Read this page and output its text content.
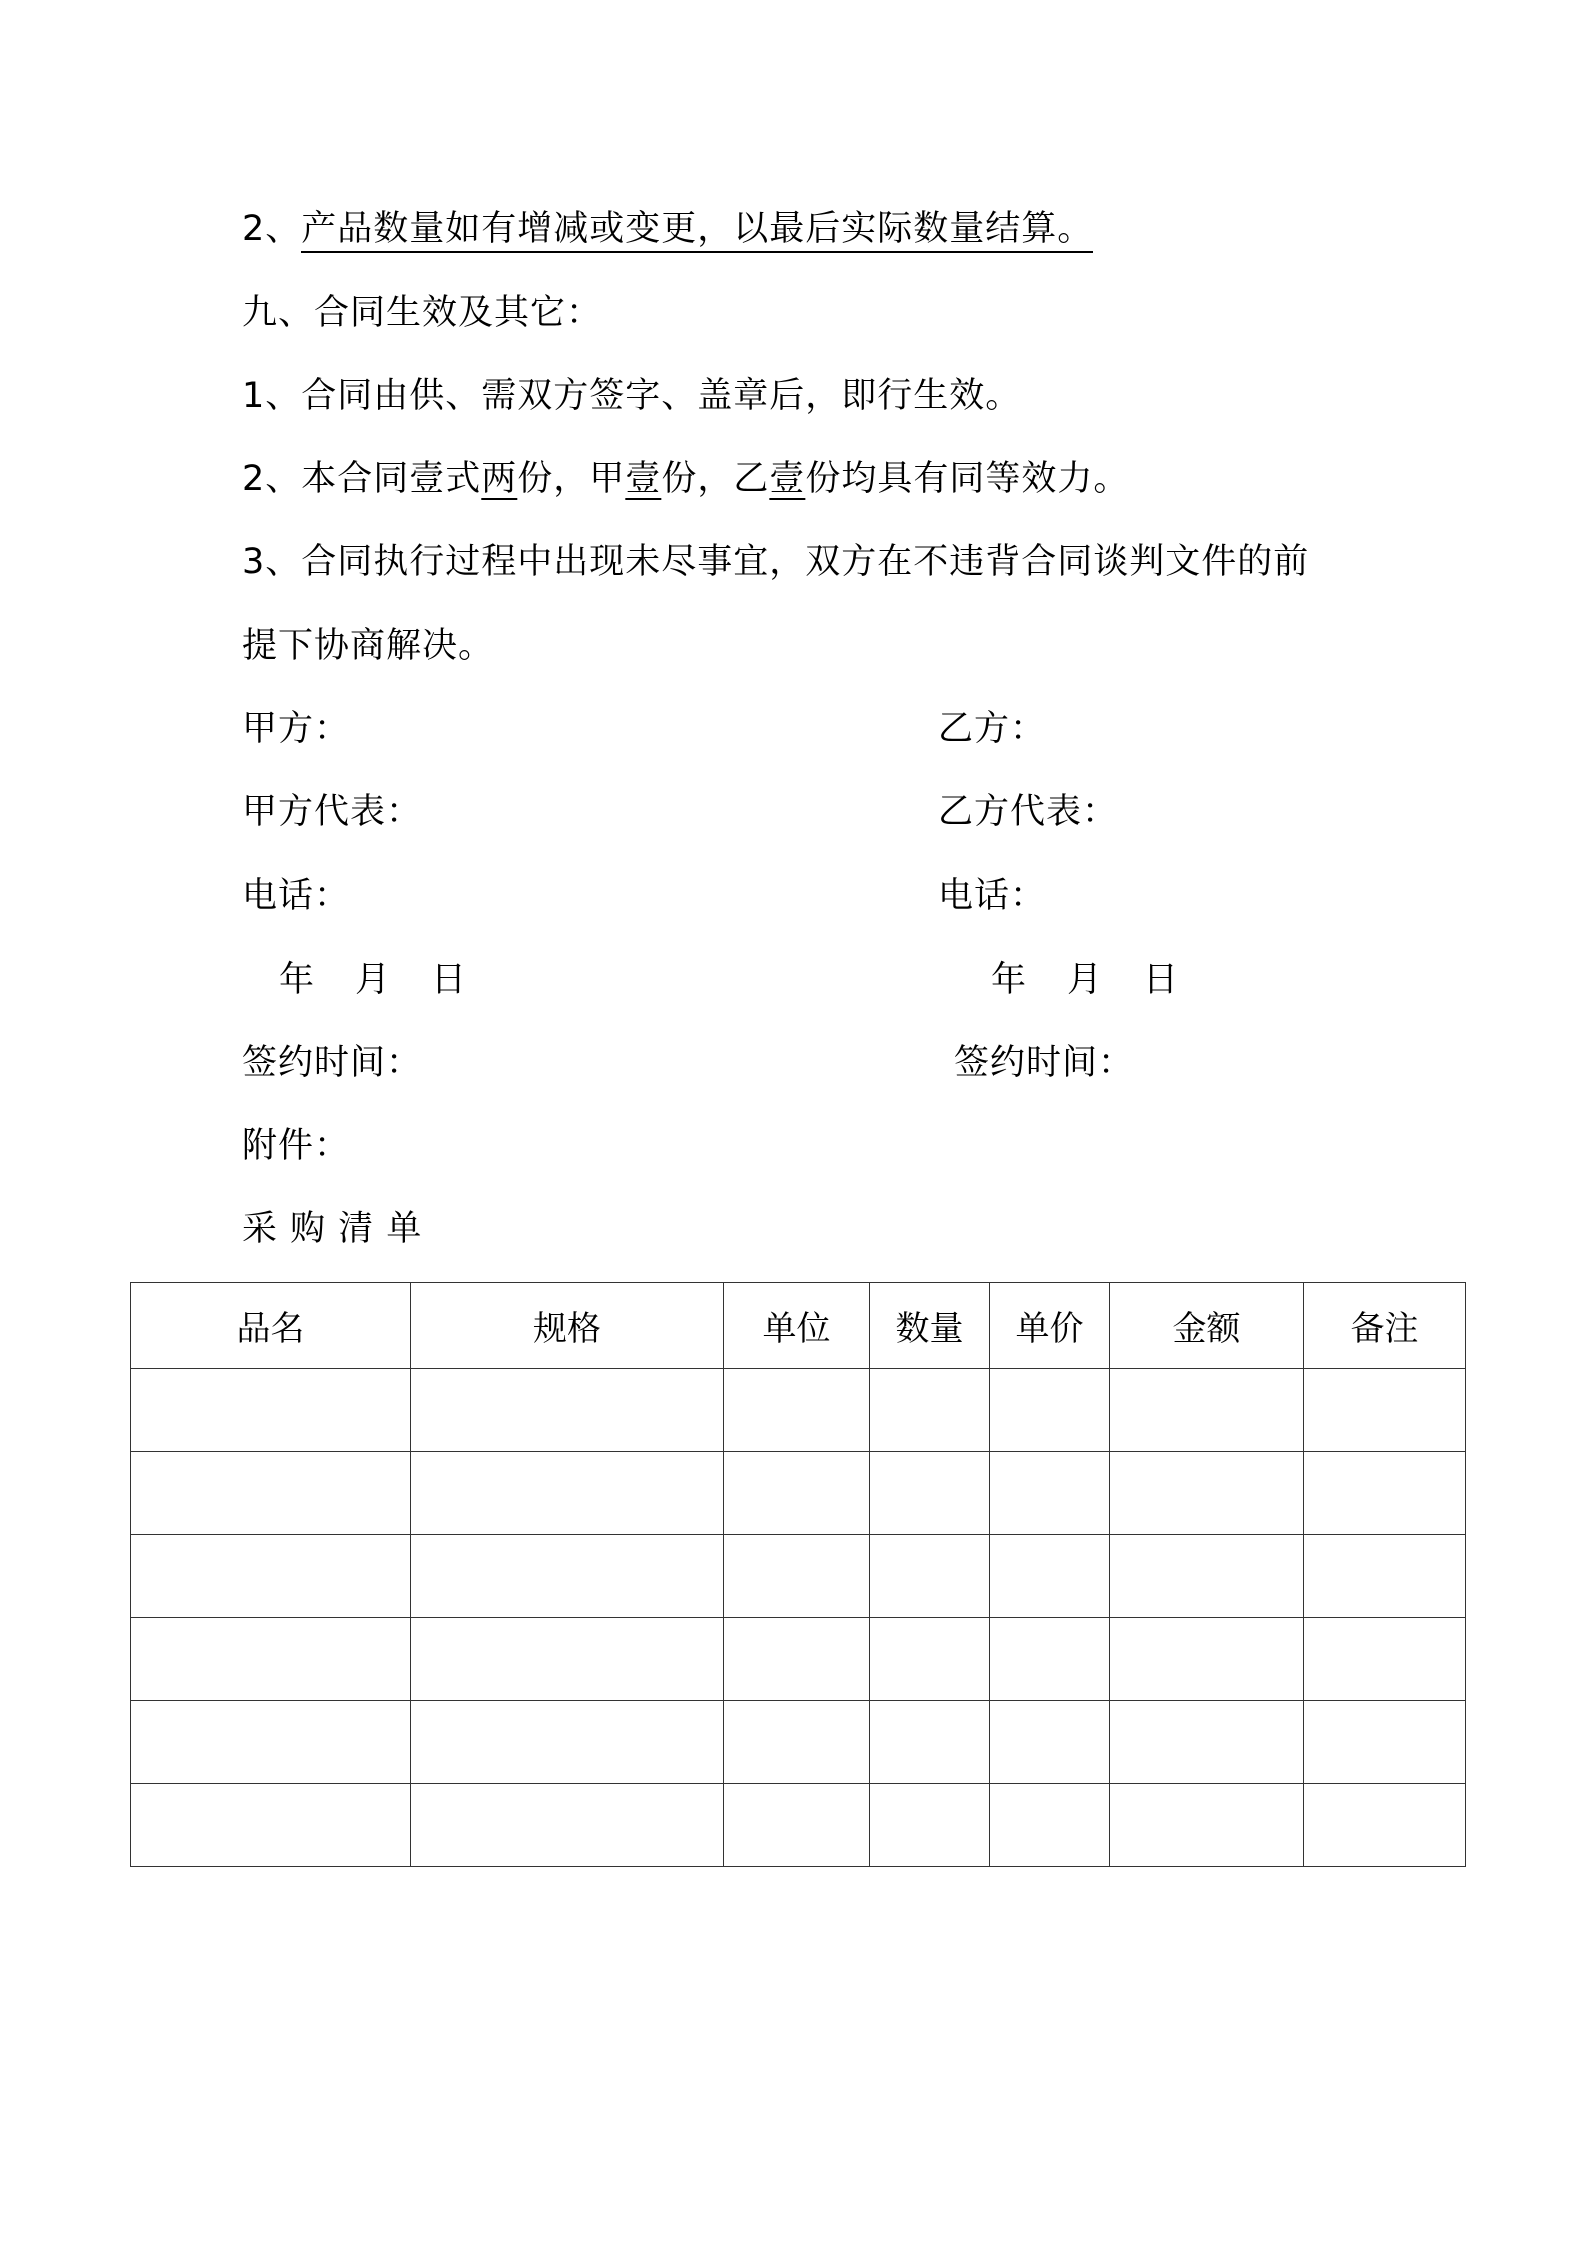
2、产品数量如有增减或变更，以最后实际数量结算。
九、合同生效及其它：
1、合同由供、需双方签字、盖章后，即行生效。
2、本合同壹式两份，甲壹份，乙壹份均具有同等效力。
3、合同执行过程中出现未尽事宜，双方在不违背合同谈判文件的前
提下协商解决。
甲方：	乙方：
甲方代表：	乙方代表：
电话：	电话：
年 月 日	年 月 日
签约时间：	签约时间：
附件：
采 购 清 单
品名	规格	单位	数量	单价	金额	备注
